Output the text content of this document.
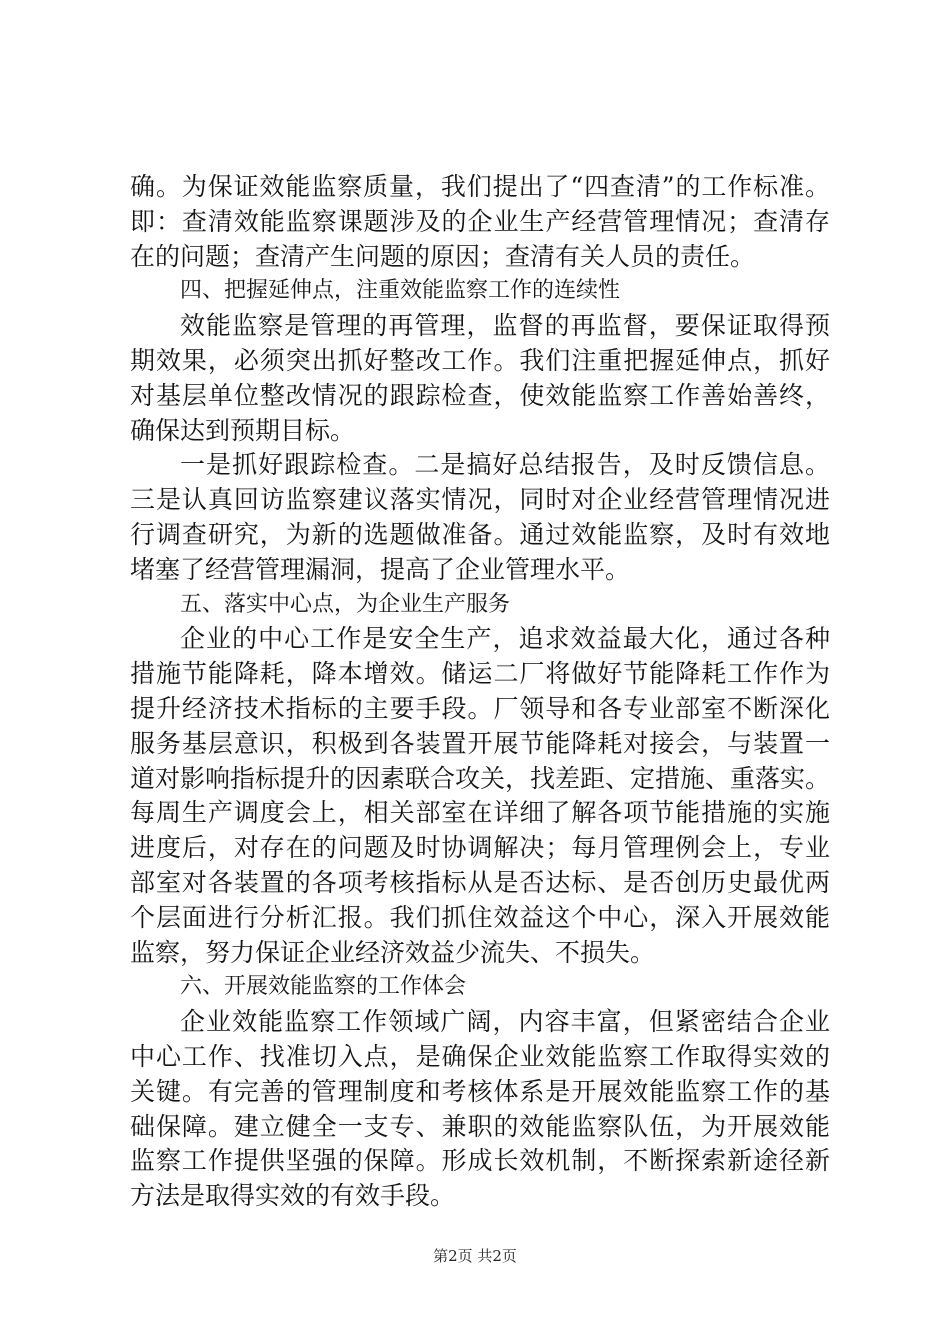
确。为保证效能监察质量，我们提出了“四查清”的工作标准。
即：查清效能监察课题涉及的企业生产经营管理情况；查清存
在的问题；查清产生问题的原因；查清有关人员的责任。
四、把握延伸点，注重效能监察工作的连续性
效能监察是管理的再管理，监督的再监督，要保证取得预
期效果，必须突出抓好整改工作。我们注重把握延伸点，抓好
对基层单位整改情况的跟踪检查，使效能监察工作善始善终，
确保达到预期目标。
一是抓好跟踪检查。二是搞好总结报告，及时反馈信息。
三是认真回访监察建议落实情况，同时对企业经营管理情况进
行调查研究，为新的选题做准备。通过效能监察，及时有效地
堵塞了经营管理漏洞，提高了企业管理水平。
五、落实中心点，为企业生产服务
企业的中心工作是安全生产，追求效益最大化，通过各种
措施节能降耗，降本增效。储运二厂将做好节能降耗工作作为
提升经济技术指标的主要手段。厂领导和各专业部室不断深化
服务基层意识，积极到各装置开展节能降耗对接会，与装置一
道对影响指标提升的因素联合攻关，找差距、定措施、重落实。
每周生产调度会上，相关部室在详细了解各项节能措施的实施
进度后，对存在的问题及时协调解决；每月管理例会上，专业
部室对各装置的各项考核指标从是否达标、是否创历史最优两
个层面进行分析汇报。我们抓住效益这个中心，深入开展效能
监察，努力保证企业经济效益少流失、不损失。
六、开展效能监察的工作体会
企业效能监察工作领域广阔，内容丰富，但紧密结合企业
中心工作、找准切入点，是确保企业效能监察工作取得实效的
关键。有完善的管理制度和考核体系是开展效能监察工作的基
础保障。建立健全一支专、兼职的效能监察队伍，为开展效能
监察工作提供坚强的保障。形成长效机制，不断探索新途径新
方法是取得实效的有效手段。
第2页 共2页
